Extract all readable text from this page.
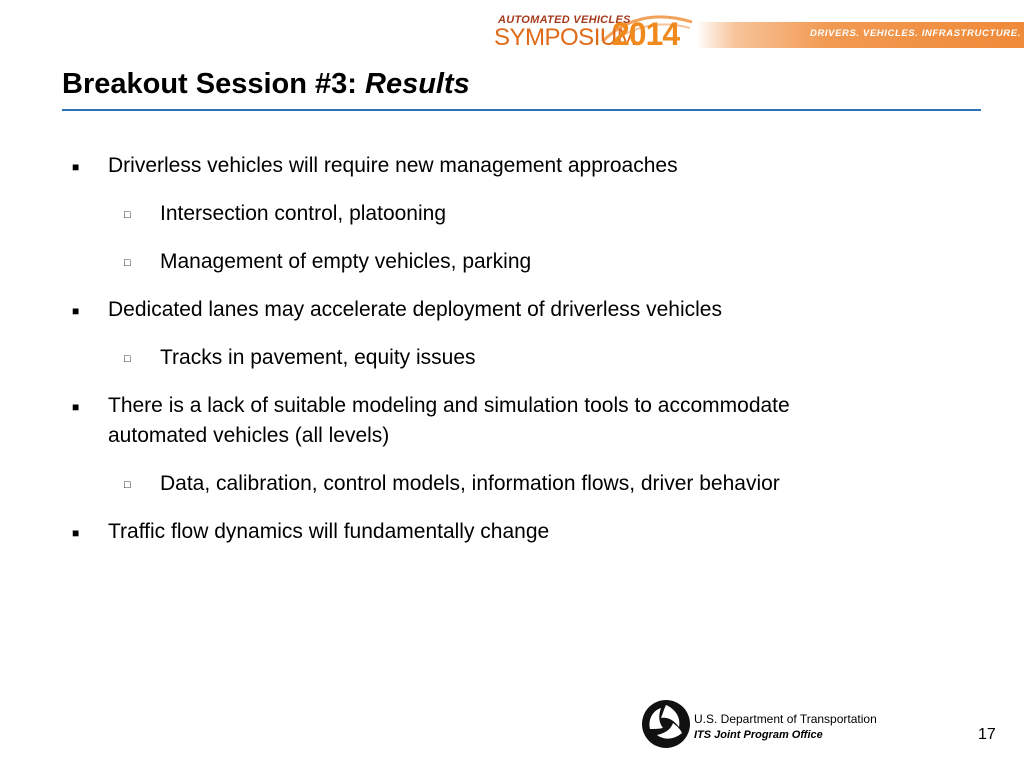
AUTOMATED VEHICLES
SYMPOSIUM
2014	DRIVERS. VEHICLES. INFRASTRUCTURE.
Breakout Session #3: Results
■ Driverless vehicles will require new management approaches
□ Intersection control, platooning
□ Management of empty vehicles, parking
■ Dedicated lanes may accelerate deployment of driverless vehicles
□ Tracks in pavement, equity issues
■ There is a lack of suitable modeling and simulation tools to accommodate
automated vehicles (all levels)
□ Data, calibration, control models, information flows, driver behavior
■ Traffic flow dynamics will fundamentally change
U.S. Department of Transportation
ITS Joint Program Office	17
